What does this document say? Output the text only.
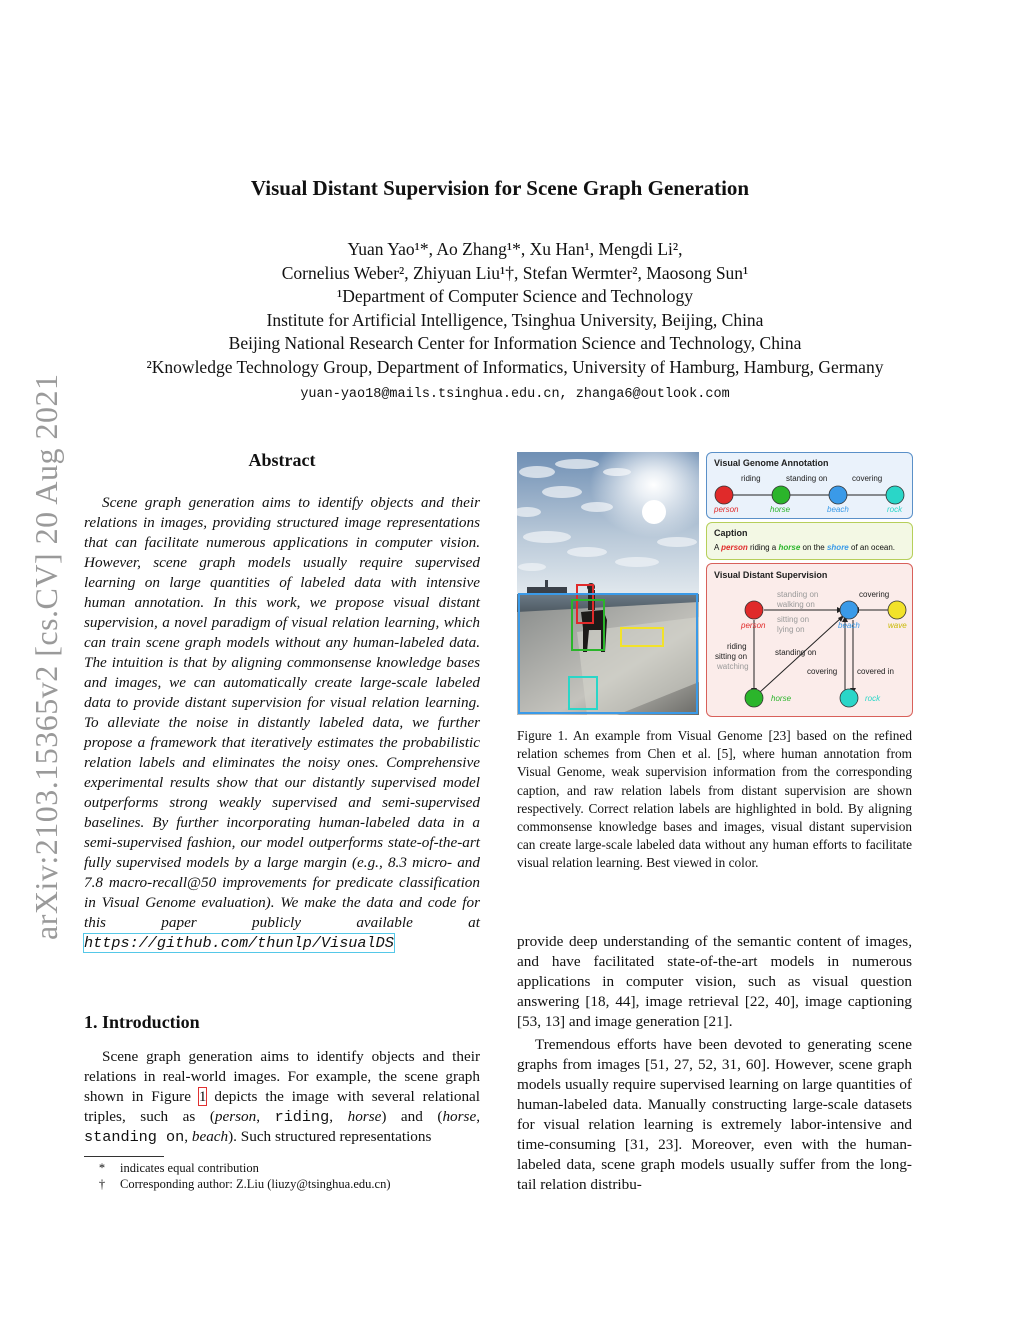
arXiv:2103.15365v2 [cs.CV] 20 Aug 2021
Visual Distant Supervision for Scene Graph Generation
Yuan Yao¹*, Ao Zhang¹*, Xu Han¹, Mengdi Li²,
Cornelius Weber², Zhiyuan Liu¹†, Stefan Wermter², Maosong Sun¹
¹Department of Computer Science and Technology
Institute for Artificial Intelligence, Tsinghua University, Beijing, China
Beijing National Research Center for Information Science and Technology, China
²Knowledge Technology Group, Department of Informatics, University of Hamburg, Hamburg, Germany
yuan-yao18@mails.tsinghua.edu.cn, zhanga6@outlook.com
Abstract
Scene graph generation aims to identify objects and their relations in images, providing structured image representations that can facilitate numerous applications in computer vision. However, scene graph models usually require supervised learning on large quantities of labeled data with intensive human annotation. In this work, we propose visual distant supervision, a novel paradigm of visual relation learning, which can train scene graph models without any human-labeled data. The intuition is that by aligning commonsense knowledge bases and images, we can automatically create large-scale labeled data to provide distant supervision for visual relation learning. To alleviate the noise in distantly labeled data, we further propose a framework that iteratively estimates the probabilistic relation labels and eliminates the noisy ones. Comprehensive experimental results show that our distantly supervised model outperforms strong weakly supervised and semi-supervised baselines. By further incorporating human-labeled data in a semi-supervised fashion, our model outperforms state-of-the-art fully supervised models by a large margin (e.g., 8.3 micro- and 7.8 macro-recall@50 improvements for predicate classification in Visual Genome evaluation). We make the data and code for this paper publicly available at https://github.com/thunlp/VisualDS
1. Introduction
Scene graph generation aims to identify objects and their relations in real-world images. For example, the scene graph shown in Figure 1 depicts the image with several relational triples, such as (person, riding, horse) and (horse, standing on, beach). Such structured representations
* indicates equal contribution
† Corresponding author: Z.Liu (liuzy@tsinghua.edu.cn)
Visual Genome Annotation
riding	standing on	covering
person	horse	beach	rock
Caption
A person riding a horse on the shore of an ocean.
Visual Distant Supervision
standing on
walking on
sitting on
lying on
covering
person	beach	wave
riding
sitting on
watching
standing on
covering covered in
horse	rock
Figure 1. An example from Visual Genome [23] based on the refined relation schemes from Chen et al. [5], where human annotation from Visual Genome, weak supervision information from the corresponding caption, and raw relation labels from distant supervision are shown respectively. Correct relation labels are highlighted in bold. By aligning commonsense knowledge bases and images, visual distant supervision can create large-scale labeled data without any human efforts to facilitate visual relation learning. Best viewed in color.

provide deep understanding of the semantic content of images, and have facilitated state-of-the-art models in numerous applications in computer vision, such as visual question answering [18, 44], image retrieval [22, 40], image captioning [53, 13] and image generation [21].

Tremendous efforts have been devoted to generating scene graphs from images [51, 27, 52, 31, 60]. However, scene graph models usually require supervised learning on large quantities of human-labeled data. Manually constructing large-scale datasets for visual relation learning is extremely labor-intensive and time-consuming [31, 23]. Moreover, even with the human-labeled data, scene graph models usually suffer from the long-tail relation distribu-
